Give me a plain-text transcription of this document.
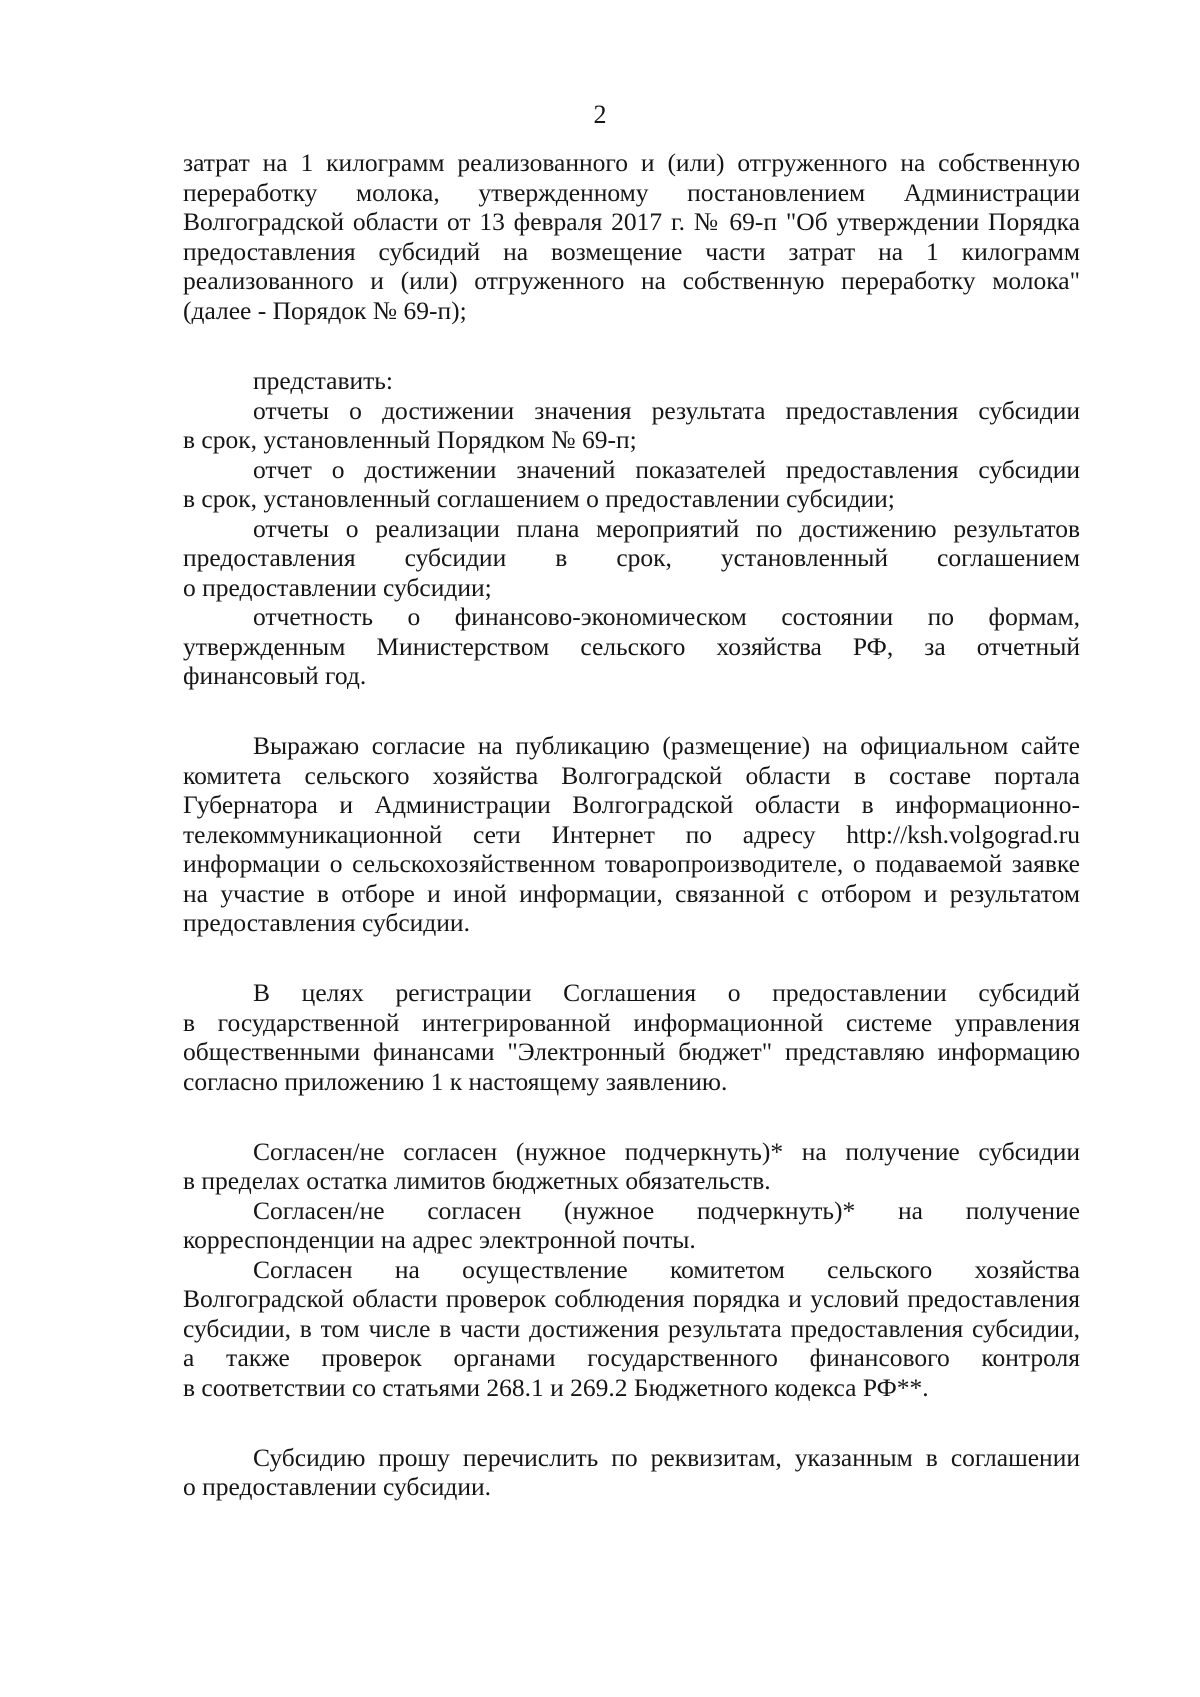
2
затрат на 1 килограмм реализованного и (или) отгруженного на собственную
переработку молока, утвержденному постановлением Администрации
Волгоградской области от 13 февраля 2017 г. № 69-п "Об утверждении Порядка
предоставления субсидий на возмещение части затрат на 1 килограмм
реализованного и (или) отгруженного на собственную переработку молока"
(далее - Порядок № 69-п);
представить:
отчеты о достижении значения результата предоставления субсидии
в срок, установленный Порядком № 69-п;
отчет о достижении значений показателей предоставления субсидии
в срок, установленный соглашением о предоставлении субсидии;
отчеты о реализации плана мероприятий по достижению результатов
предоставления субсидии в срок, установленный соглашением
о предоставлении субсидии;
отчетность о финансово-экономическом состоянии по формам,
утвержденным Министерством сельского хозяйства РФ, за отчетный
финансовый год.
Выражаю согласие на публикацию (размещение) на официальном сайте
комитета сельского хозяйства Волгоградской области в составе портала
Губернатора и Администрации Волгоградской области в информационно-
телекоммуникационной сети Интернет по адресу http://ksh.volgograd.ru
информации о сельскохозяйственном товаропроизводителе, о подаваемой заявке
на участие в отборе и иной информации, связанной с отбором и результатом
предоставления субсидии.
В целях регистрации Соглашения о предоставлении субсидий
в государственной интегрированной информационной системе управления
общественными финансами "Электронный бюджет" представляю информацию
согласно приложению 1 к настоящему заявлению.
Согласен/не согласен (нужное подчеркнуть)* на получение субсидии
в пределах остатка лимитов бюджетных обязательств.
Согласен/не согласен (нужное подчеркнуть)* на получение
корреспонденции на адрес электронной почты.
Согласен на осуществление комитетом сельского хозяйства
Волгоградской области проверок соблюдения порядка и условий предоставления
субсидии, в том числе в части достижения результата предоставления субсидии,
а также проверок органами государственного финансового контроля
в соответствии со статьями 268.1 и 269.2 Бюджетного кодекса РФ**.
Субсидию прошу перечислить по реквизитам, указанным в соглашении
о предоставлении субсидии.
